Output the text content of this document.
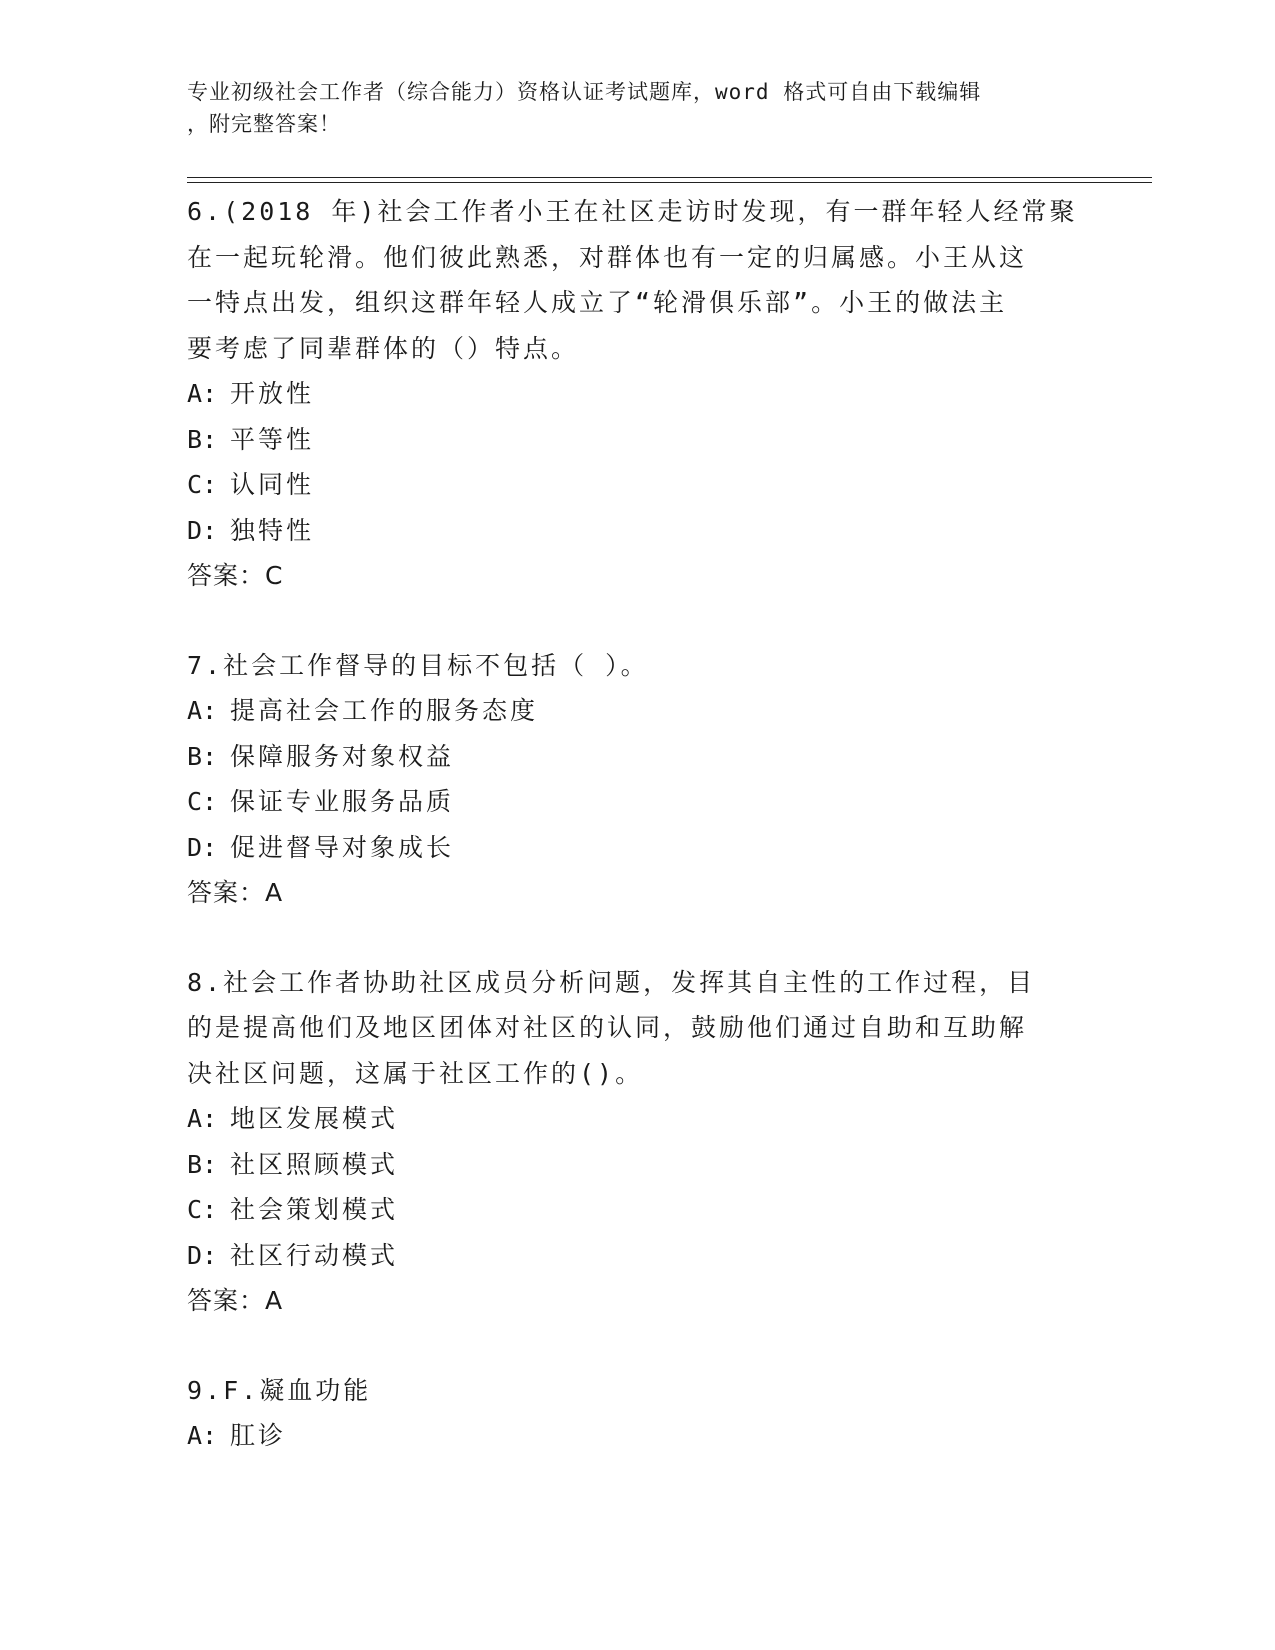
专业初级社会工作者（综合能力）资格认证考试题库，word 格式可自由下载编辑
，附完整答案！
6.(2018 年)社会工作者小王在社区走访时发现，有一群年轻人经常聚
在一起玩轮滑。他们彼此熟悉，对群体也有一定的归属感。小王从这
一特点出发，组织这群年轻人成立了“轮滑俱乐部”。小王的做法主
要考虑了同辈群体的（）特点。
A: 开放性
B: 平等性
C: 认同性
D: 独特性
答案：C
7.社会工作督导的目标不包括（ ）。
A: 提高社会工作的服务态度
B: 保障服务对象权益
C: 保证专业服务品质
D: 促进督导对象成长
答案：A
8.社会工作者协助社区成员分析问题，发挥其自主性的工作过程，目
的是提高他们及地区团体对社区的认同，鼓励他们通过自助和互助解
决社区问题，这属于社区工作的()。
A: 地区发展模式
B: 社区照顾模式
C: 社会策划模式
D: 社区行动模式
答案：A
9.F.凝血功能
A: 肛诊
